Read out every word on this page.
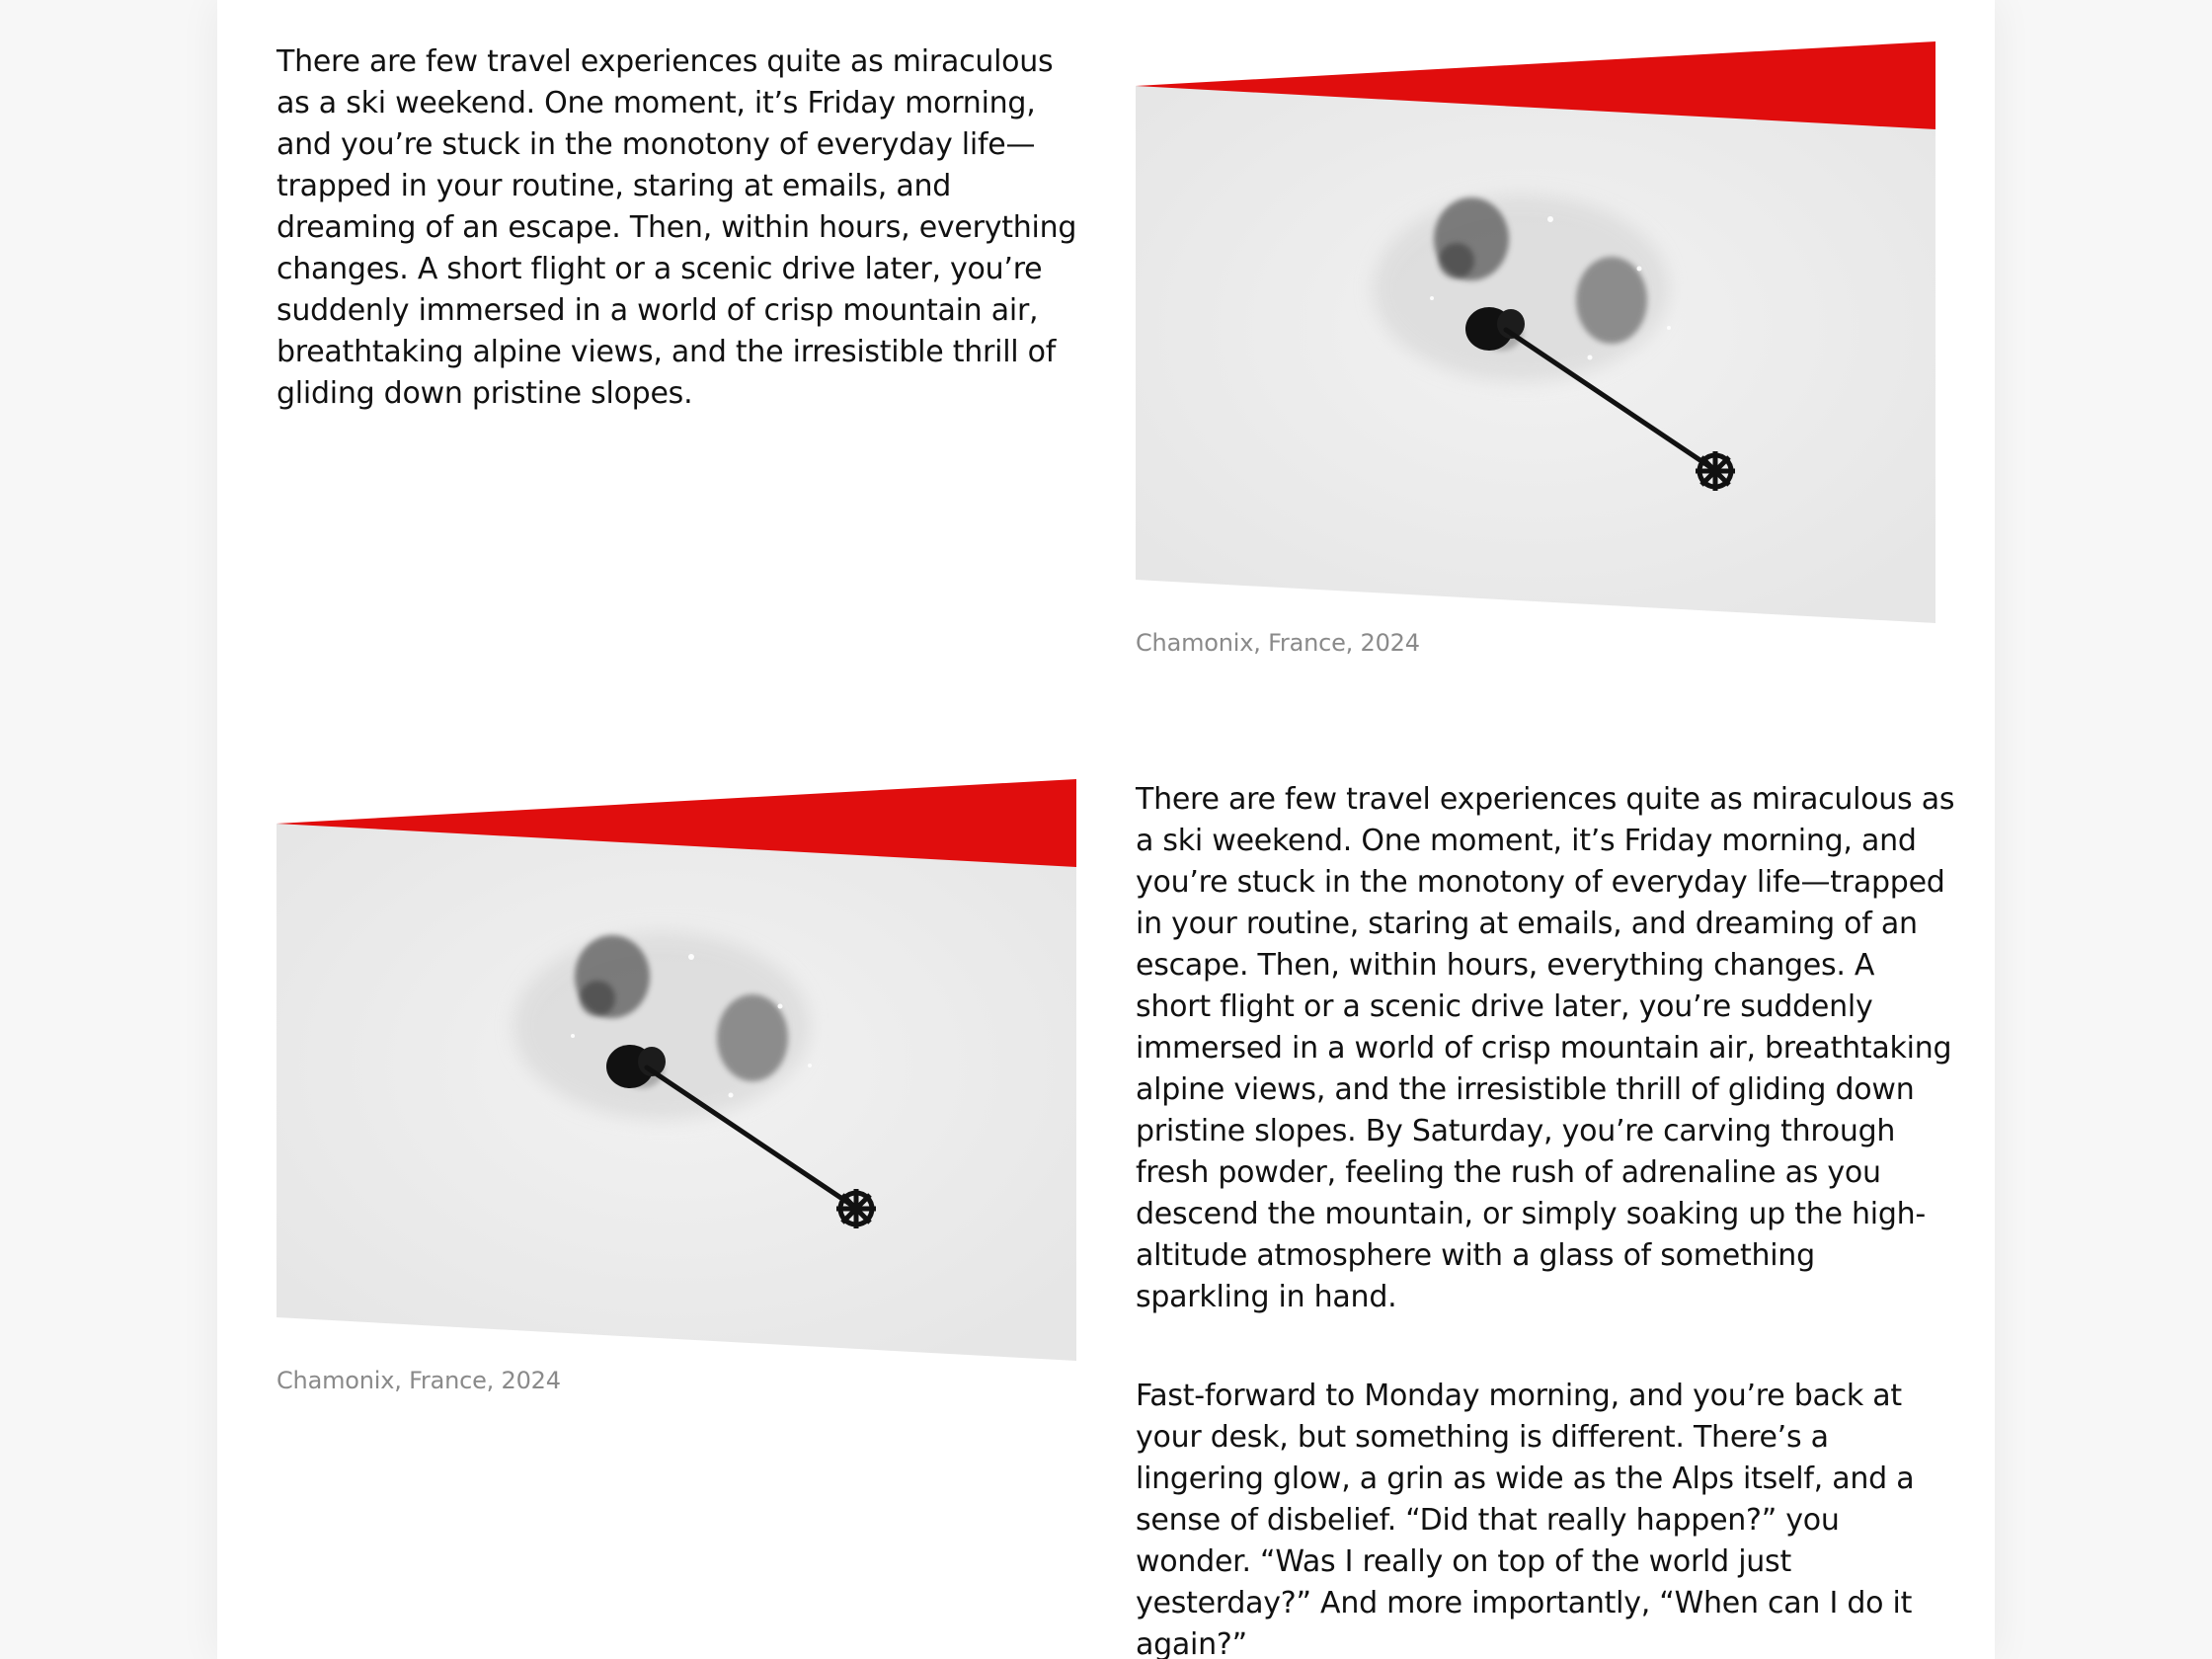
There are few travel experiences quite as miraculous as a ski weekend. One moment, it’s Friday morning, and you’re stuck in the monotony of everyday life—trapped in your routine, staring at emails, and dreaming of an escape. Then, within hours, everything changes. A short flight or a scenic drive later, you’re suddenly immersed in a world of crisp mountain air, breathtaking alpine views, and the irresistible thrill of gliding down pristine slopes.

Chamonix, France, 2024
Chamonix, France, 2024

There are few travel experiences quite as miraculous as a ski weekend. One moment, it’s Friday morning, and you’re stuck in the monotony of everyday life—trapped in your routine, staring at emails, and dreaming of an escape. Then, within hours, everything changes. A short flight or a scenic drive later, you’re suddenly immersed in a world of crisp mountain air, breathtaking alpine views, and the irresistible thrill of gliding down pristine slopes. By Saturday, you’re carving through fresh powder, feeling the rush of adrenaline as you descend the mountain, or simply soaking up the high-altitude atmosphere with a glass of something sparkling in hand.

Fast-forward to Monday morning, and you’re back at your desk, but something is different. There’s a lingering glow, a grin as wide as the Alps itself, and a sense of disbelief. “Did that really happen?” you wonder. “Was I really on top of the world just yesterday?” And more importantly, “When can I do it again?”
